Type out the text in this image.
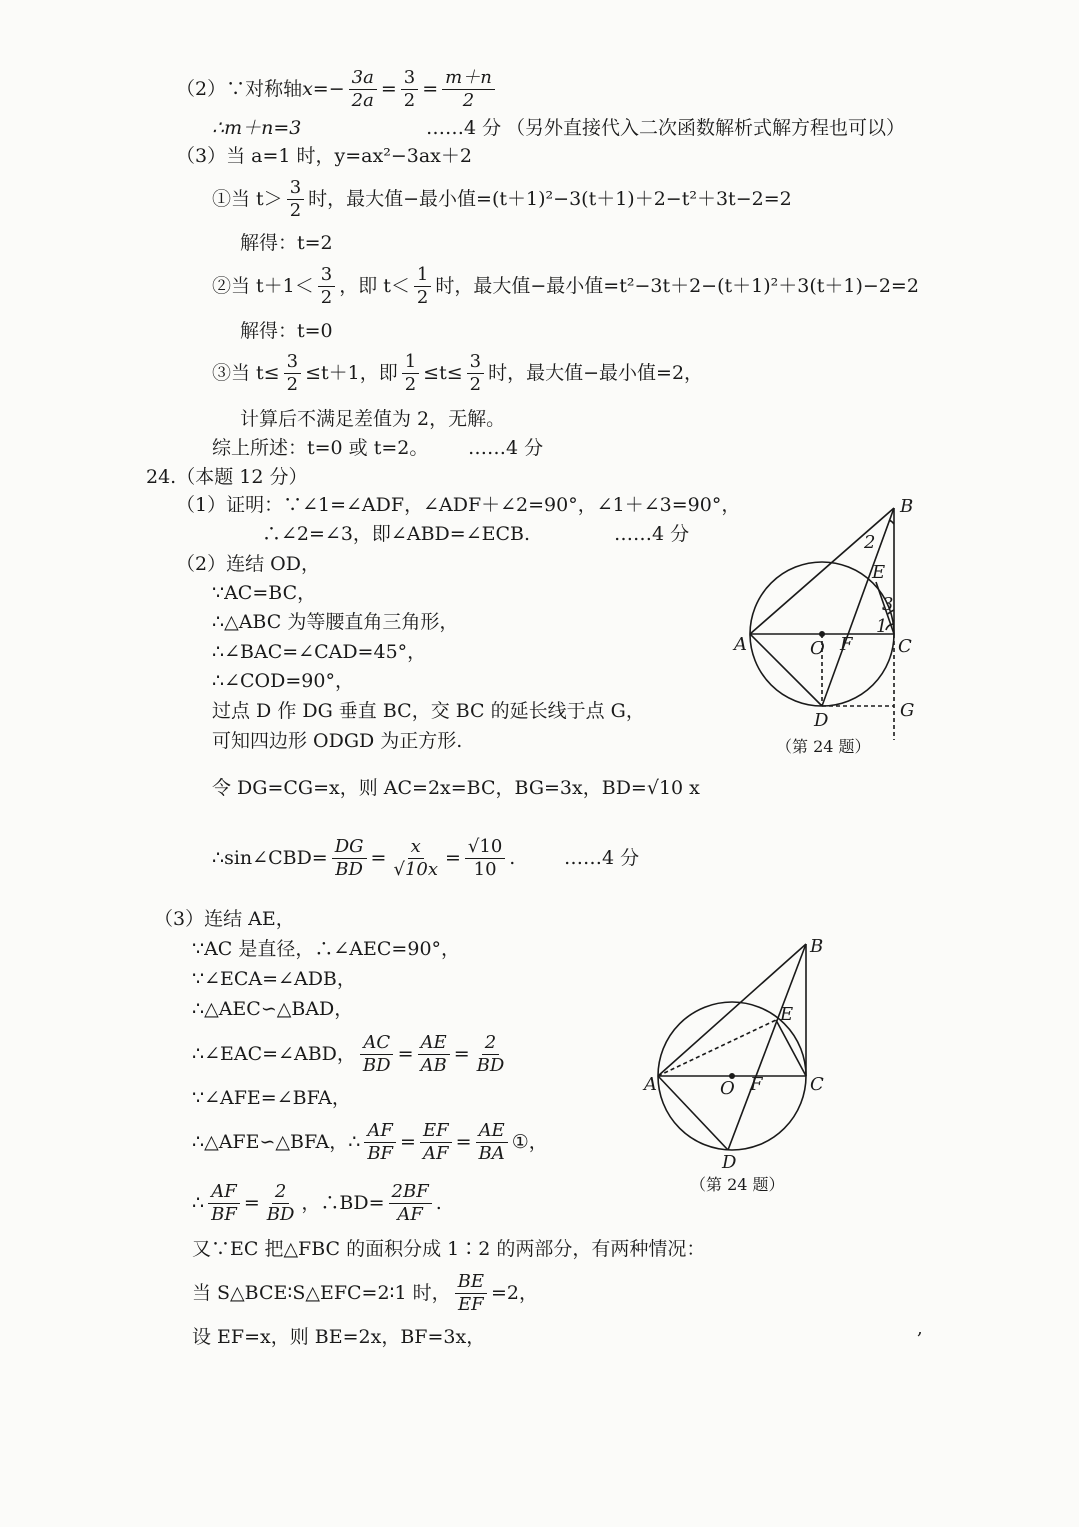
（2）∵对称轴 $x=- \frac{3a}{2a} = \frac{3}{2} = \frac{m+n}{2}$
∴m＋n=3	……4 分 （另外直接代入二次函数解析式解方程也可以）
（3）当 a=1 时，y=ax²−3ax＋2
①当 $t> \frac{3}{2}$ 时，最大值−最小值=(t＋1)²−3(t＋1)＋2−t²＋3t−2=2
解得：t=2
②当 $t+1< \frac{3}{2}$ ，即 $t< \frac{1}{2}$ 时，最大值−最小值=t²−3t＋2−(t＋1)²＋3(t＋1)−2=2
解得：t=0
③当 $t\le \frac{3}{2} \le t+1$，即 $\frac{1}{2} \le t\le \frac{3}{2}$ 时，最大值−最小值=2，
计算后不满足差值为 2，无解。
综上所述：t=0 或 t=2。 ……4 分
24.（本题 12 分）
（1）证明：∵∠1=∠ADF，∠ADF＋∠2=90°，∠1＋∠3=90°，
∴∠2=∠3，即∠ABD=∠ECB.	……4 分
（2）连结 OD，
∵AC=BC，
∴△ABC 为等腰直角三角形，
∴∠BAC=∠CAD=45°，
∴∠COD=90°，
过点 D 作 DG 垂直 BC，交 BC 的延长线于点 G，
可知四边形 ODGD 为正方形.
令 DG=CG=x，则 AC=2x=BC，BG=3x，BD=√10 x
∴sin∠CBD= $\frac{DG}{BD} = \frac{x}{√10x} = \frac{√10}{10}$ .	……4 分
（3）连结 AE，
∵AC 是直径，∴∠AEC=90°，
∵∠ECA=∠ADB，
∴△AEC∽△BAD，
∴∠EAC=∠ABD， $\frac{AC}{BD} = \frac{AE}{AB} = \frac{2}{BD}$
∵∠AFE=∠BFA，
∴△AFE∽△BFA，∴ $\frac{AF}{BF} = \frac{EF}{AF} = \frac{AE}{BA}$ ①，
∴ $\frac{AF}{BF} = \frac{2}{BD}$ ，∴BD= $\frac{2BF}{AF}$ .
又∵EC 把△FBC 的面积分成 1∶2 的两部分，有两种情况：
当 S△BCE∶S△EFC=2∶1 时， $\frac{BE}{EF} =2$，
设 EF=x，则 BE=2x，BF=3x，	,
A
B
C
D
E
F
G
O
1
2
3
（第 24 题）
A
B
C
D
E
F
O
（第 24 题）
